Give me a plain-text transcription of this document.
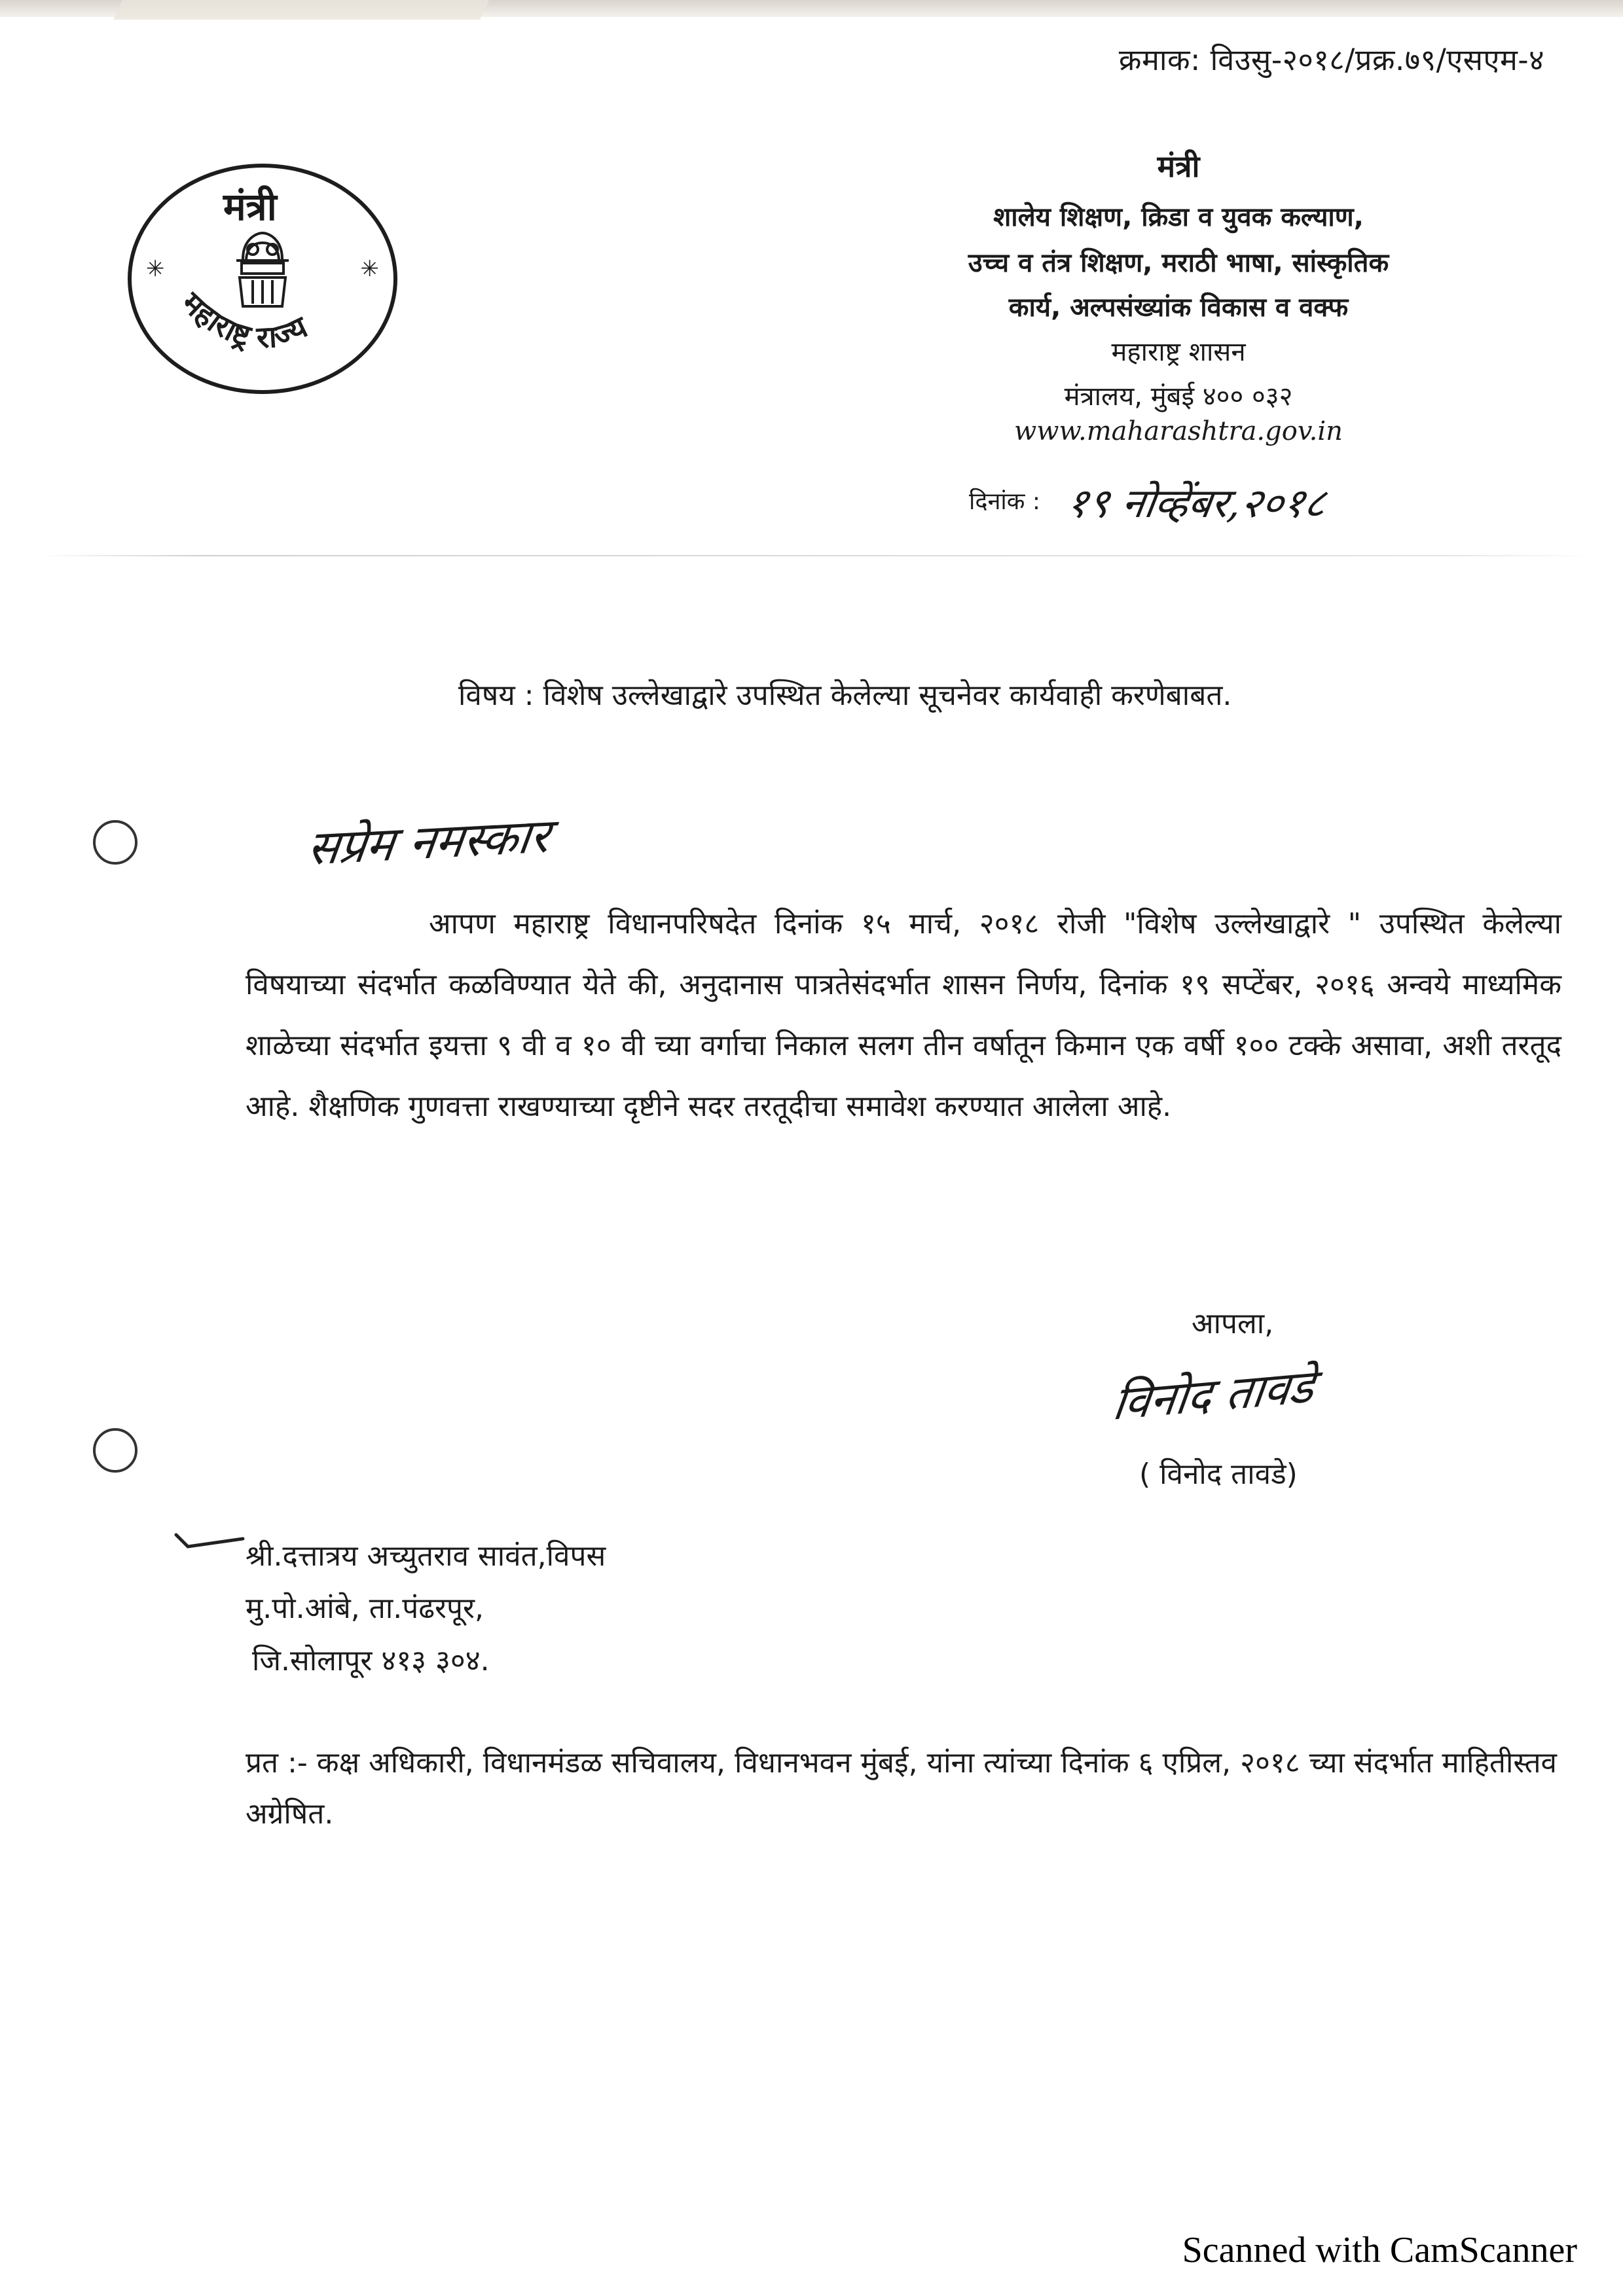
क्रमाक: विउसु-२०१८/प्रक्र.७९/एसएम-४
मंत्री
✳	✳
महाराष्ट्र राज्य
मंत्री
शालेय शिक्षण, क्रिडा व युवक कल्याण,
उच्च व तंत्र शिक्षण, मराठी भाषा, सांस्कृतिक
कार्य, अल्पसंख्यांक विकास व वक्फ
महाराष्ट्र शासन
मंत्रालय, मुंबई ४०० ०३२
www.maharashtra.gov.in
दिनांक : १९ नोव्हेंबर,२०१८
विषय : विशेष उल्लेखाद्वारे उपस्थित केलेल्या सूचनेवर कार्यवाही करणेबाबत.
सप्रेम नमस्कार
आपण महाराष्ट्र विधानपरिषदेत दिनांक १५ मार्च, २०१८ रोजी "विशेष उल्लेखाद्वारे " उपस्थित केलेल्या विषयाच्या संदर्भात कळविण्यात येते की, अनुदानास पात्रतेसंदर्भात शासन निर्णय, दिनांक १९ सप्टेंबर, २०१६ अन्वये माध्यमिक शाळेच्या संदर्भात इयत्ता ९ वी व १० वी च्या वर्गाचा निकाल सलग तीन वर्षातून किमान एक वर्षी १०० टक्के असावा, अशी तरतूद आहे. शैक्षणिक गुणवत्ता राखण्याच्या दृष्टीने सदर तरतूदीचा समावेश करण्यात आलेला आहे.
आपला,
विनोद तावडे
( विनोद तावडे)
श्री.दत्तात्रय अच्युतराव सावंत,विपस
मु.पो.आंबे, ता.पंढरपूर,
जि.सोलापूर ४१३ ३०४.
प्रत :- कक्ष अधिकारी, विधानमंडळ सचिवालय, विधानभवन मुंबई, यांना त्यांच्या दिनांक ६ एप्रिल, २०१८ च्या संदर्भात माहितीस्तव अग्रेषित.
Scanned with CamScanner
